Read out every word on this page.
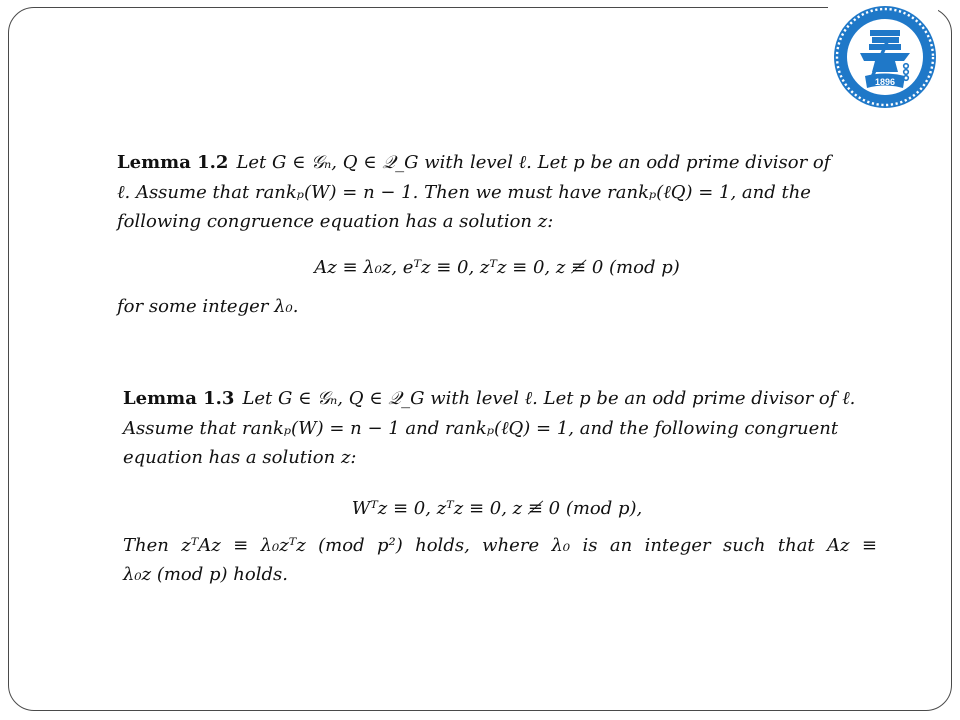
1896
Lemma 1.2 Let G ∈ 𝒢ₙ, Q ∈ 𝒬_G with level ℓ. Let p be an odd prime divisor of
ℓ. Assume that rankₚ(W) = n − 1. Then we must have rankₚ(ℓQ) = 1, and the
following congruence equation has a solution z:
Az ≡ λ₀z, eᵀz ≡ 0, zᵀz ≡ 0, z ≢ 0 (mod p)
for some integer λ₀.
Lemma 1.3 Let G ∈ 𝒢ₙ, Q ∈ 𝒬_G with level ℓ. Let p be an odd prime divisor of ℓ.
Assume that rankₚ(W) = n − 1 and rankₚ(ℓQ) = 1, and the following congruent
equation has a solution z:
Wᵀz ≡ 0, zᵀz ≡ 0, z ≢ 0 (mod p),
Then zᵀAz ≡ λ₀zᵀz (mod p²) holds, where λ₀ is an integer such that Az ≡
λ₀z (mod p) holds.
